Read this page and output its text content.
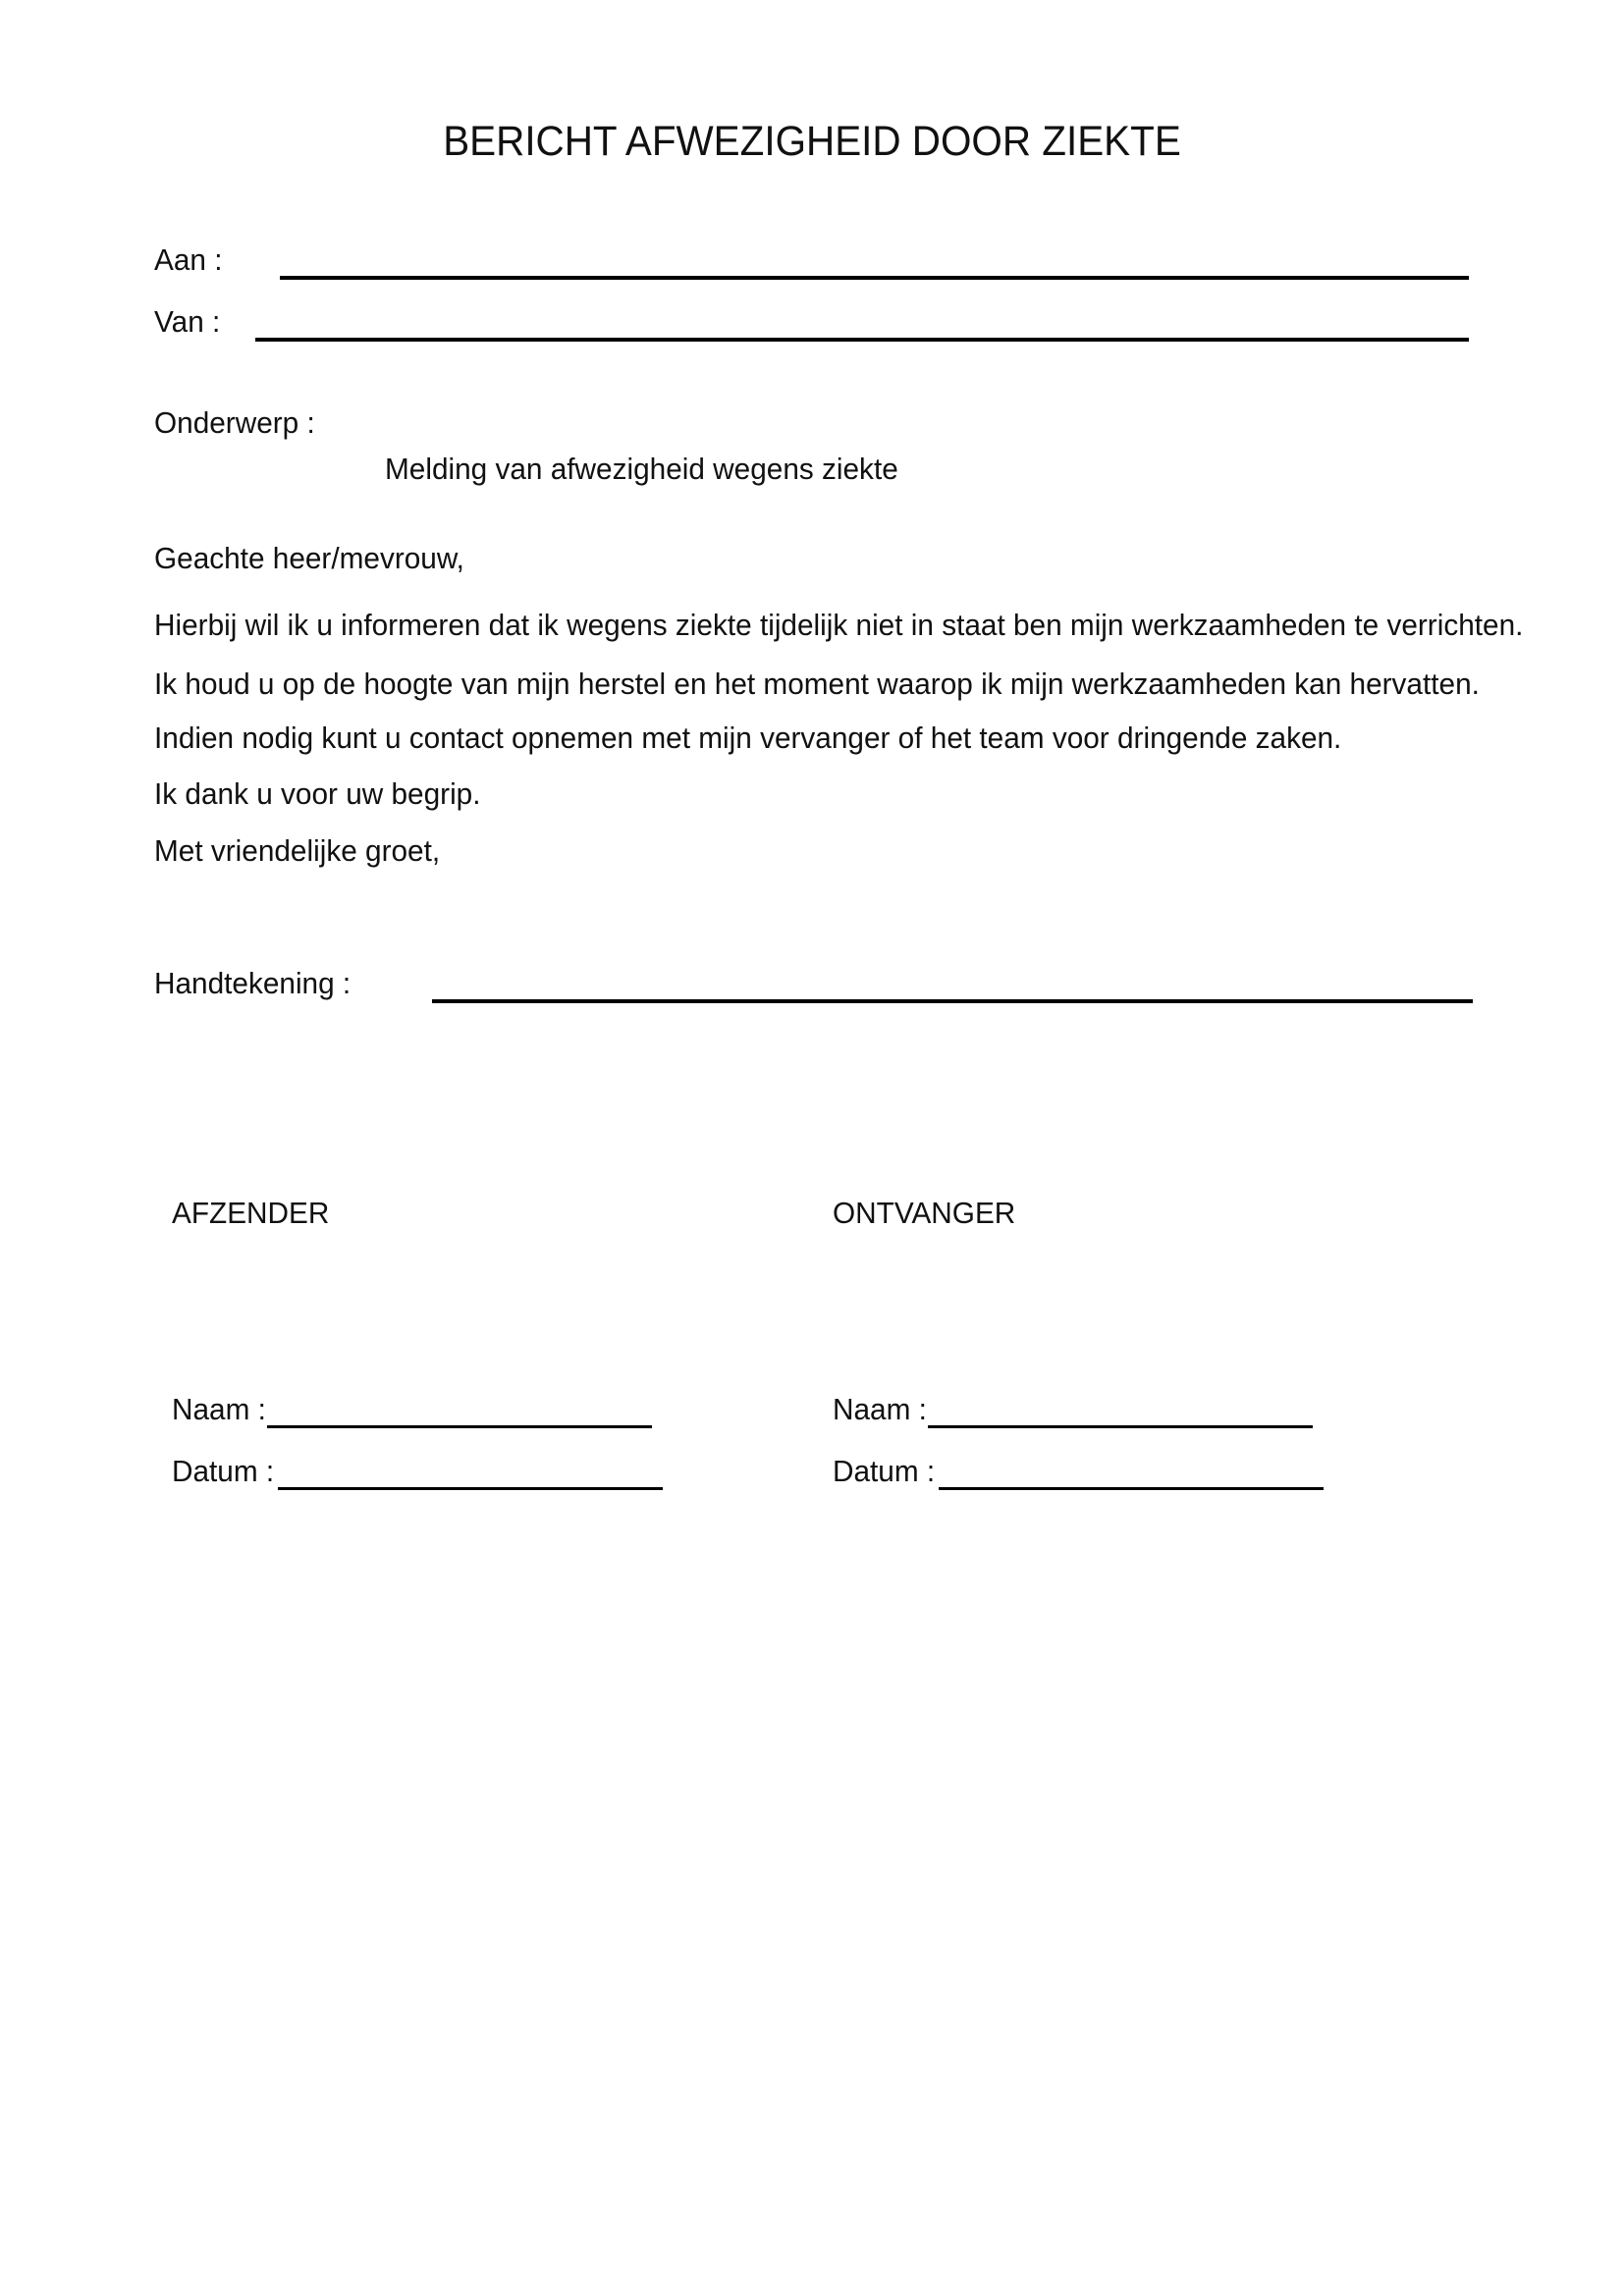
BERICHT AFWEZIGHEID DOOR ZIEKTE
Aan :
Van :
Onderwerp :
Melding van afwezigheid wegens ziekte
Geachte heer/mevrouw,
Hierbij wil ik u informeren dat ik wegens ziekte tijdelijk niet in staat ben mijn werkzaamheden te verrichten.
Ik houd u op de hoogte van mijn herstel en het moment waarop ik mijn werkzaamheden kan hervatten.
Indien nodig kunt u contact opnemen met mijn vervanger of het team voor dringende zaken.
Ik dank u voor uw begrip.
Met vriendelijke groet,
Handtekening :
AFZENDER
Naam :
Datum :
ONTVANGER
Naam :
Datum :
